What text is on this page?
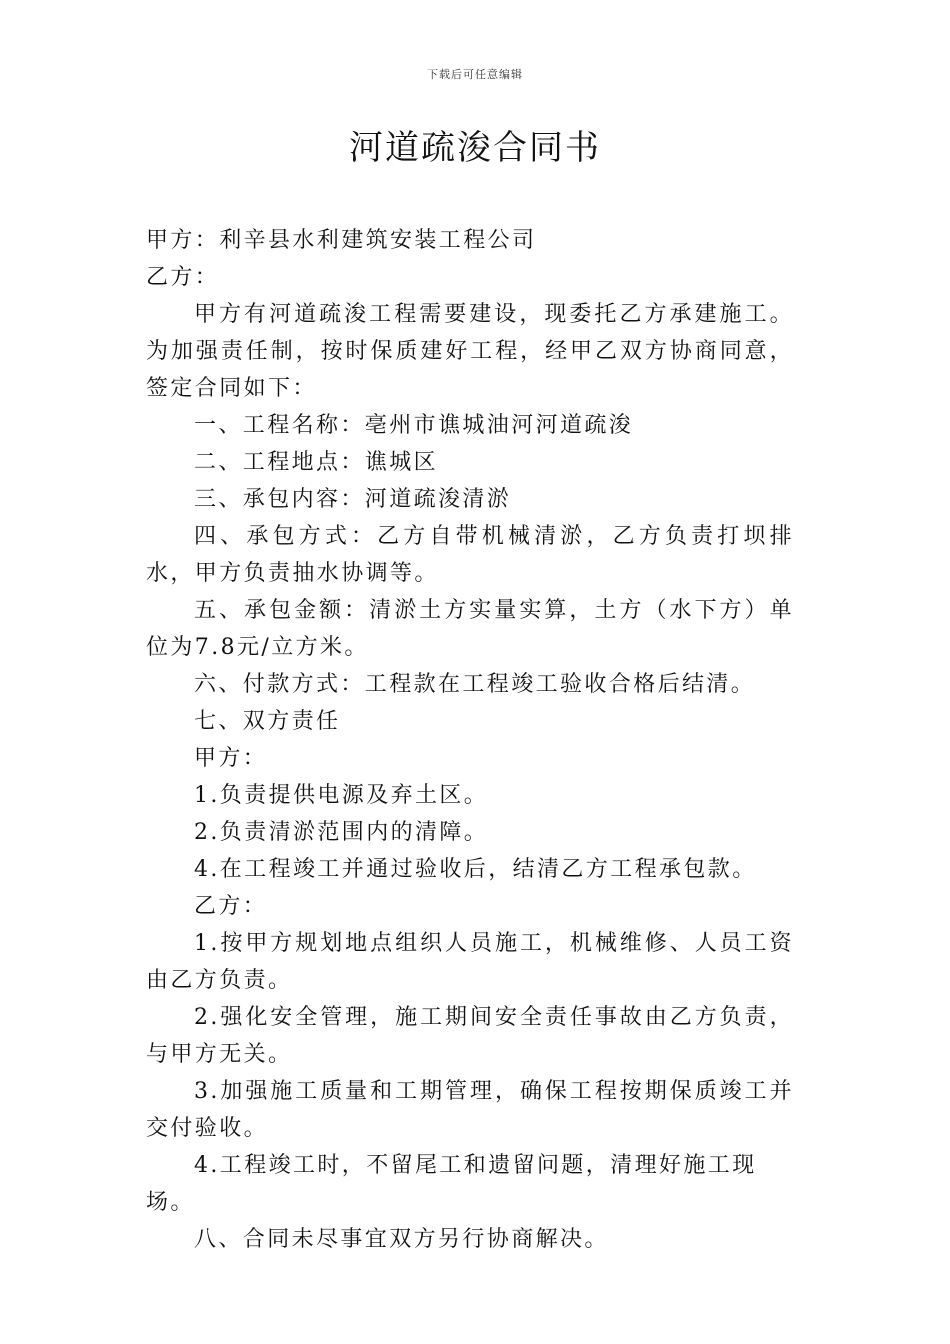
下载后可任意编辑
河道疏浚合同书

甲方：利辛县水利建筑安装工程公司

乙方：

甲方有河道疏浚工程需要建设，现委托乙方承建施工。为加强责任制，按时保质建好工程，经甲乙双方协商同意，签定合同如下：

一、工程名称：亳州市谯城油河河道疏浚

二、工程地点：谯城区

三、承包内容：河道疏浚清淤

四、承包方式：乙方自带机械清淤，乙方负责打坝排水，甲方负责抽水协调等。

五、承包金额：清淤土方实量实算，土方（水下方）单位为7.8元/立方米。

六、付款方式：工程款在工程竣工验收合格后结清。

七、双方责任

甲方：

1.负责提供电源及弃土区。

2.负责清淤范围内的清障。

4.在工程竣工并通过验收后，结清乙方工程承包款。

乙方：

1.按甲方规划地点组织人员施工，机械维修、人员工资由乙方负责。

2.强化安全管理，施工期间安全责任事故由乙方负责，与甲方无关。

3.加强施工质量和工期管理，确保工程按期保质竣工并交付验收。

4.工程竣工时，不留尾工和遗留问题，清理好施工现场。

八、合同未尽事宜双方另行协商解决。
